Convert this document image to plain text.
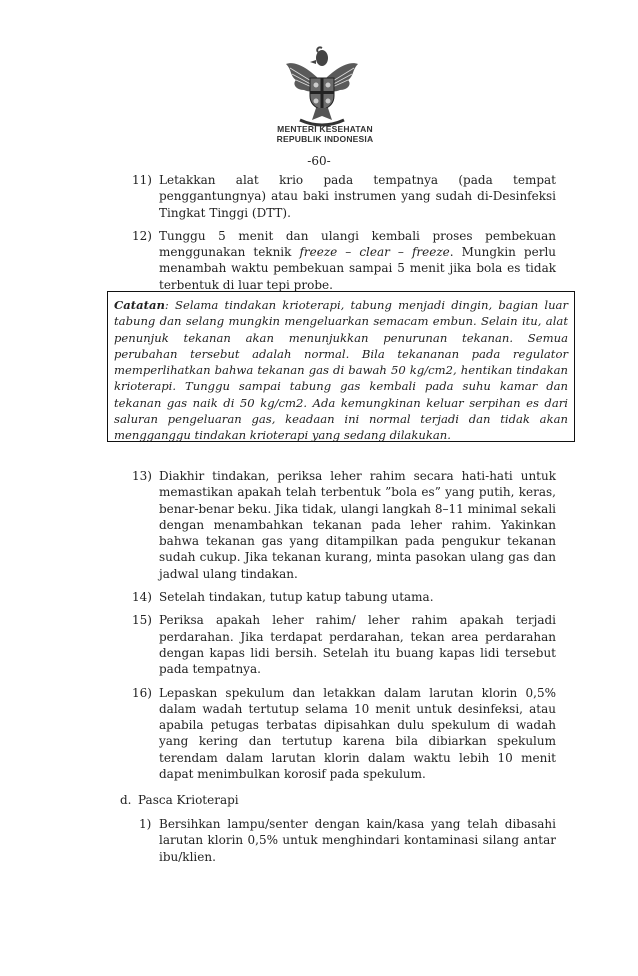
MENTERI KESEHATAN
REPUBLIK INDONESIA
-60-
11) Letakkan alat krio pada tempatnya (pada tempat penggantungnya) atau baki instrumen yang sudah di-Desinfeksi Tingkat Tinggi (DTT).
12) Tunggu 5 menit dan ulangi kembali proses pembekuan menggunakan teknik freeze – clear – freeze. Mungkin perlu menambah waktu pembekuan sampai 5 menit jika bola es tidak terbentuk di luar tepi probe.
Catatan: Selama tindakan krioterapi, tabung menjadi dingin, bagian luar tabung dan selang mungkin mengeluarkan semacam embun. Selain itu, alat penunjuk tekanan akan menunjukkan penurunan tekanan. Semua perubahan tersebut adalah normal. Bila tekananan pada regulator memperlihatkan bahwa tekanan gas di bawah 50 kg/cm2, hentikan tindakan krioterapi. Tunggu sampai tabung gas kembali pada suhu kamar dan tekanan gas naik di 50 kg/cm2. Ada kemungkinan keluar serpihan es dari saluran pengeluaran gas, keadaan ini normal terjadi dan tidak akan mengganggu tindakan krioterapi yang sedang dilakukan.
13) Diakhir tindakan, periksa leher rahim secara hati-hati untuk memastikan apakah telah terbentuk ”bola es” yang putih, keras, benar-benar beku. Jika tidak, ulangi langkah 8–11 minimal sekali dengan menambahkan tekanan pada leher rahim. Yakinkan bahwa tekanan gas yang ditampilkan pada pengukur tekanan sudah cukup. Jika tekanan kurang, minta pasokan ulang gas dan jadwal ulang tindakan.
14) Setelah tindakan, tutup katup tabung utama.
15) Periksa apakah leher rahim/ leher rahim apakah terjadi perdarahan. Jika terdapat perdarahan, tekan area perdarahan dengan kapas lidi bersih. Setelah itu buang kapas lidi tersebut pada tempatnya.
16) Lepaskan spekulum dan letakkan dalam larutan klorin 0,5% dalam wadah tertutup selama 10 menit untuk desinfeksi, atau apabila petugas terbatas dipisahkan dulu spekulum di wadah yang kering dan tertutup karena bila dibiarkan spekulum terendam dalam larutan klorin dalam waktu lebih 10 menit dapat menimbulkan korosif pada spekulum.
d. Pasca Krioterapi
1) Bersihkan lampu/senter dengan kain/kasa yang telah dibasahi larutan klorin 0,5% untuk menghindari kontaminasi silang antar ibu/klien.
